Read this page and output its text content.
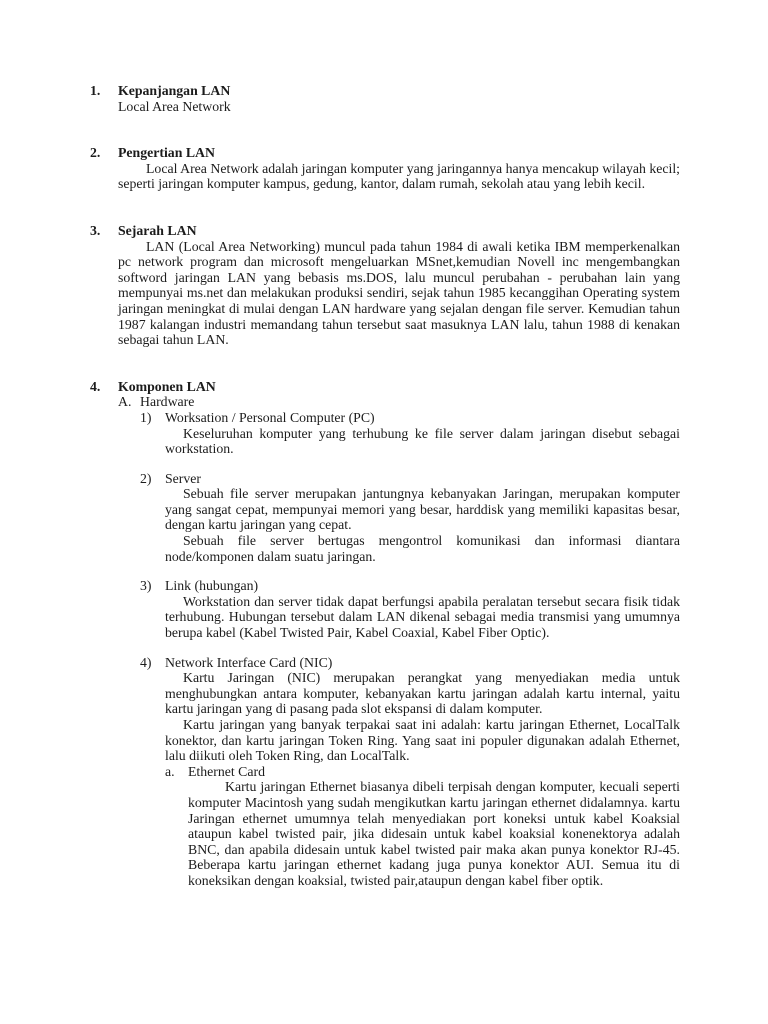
1.	Kepanjangan LAN

Local Area Network

2.	Pengertian LAN

Local Area Network adalah jaringan komputer yang jaringannya hanya mencakup wilayah kecil; seperti jaringan komputer kampus, gedung, kantor, dalam rumah, sekolah atau yang lebih kecil.

3.	Sejarah LAN

LAN (Local Area Networking) muncul pada tahun 1984 di awali ketika IBM memperkenalkan pc network program dan microsoft mengeluarkan MSnet,kemudian Novell inc mengembangkan softword jaringan LAN yang bebasis ms.DOS, lalu muncul perubahan - perubahan lain yang mempunyai ms.net dan melakukan produksi sendiri, sejak tahun 1985 kecanggihan Operating system jaringan meningkat di mulai dengan LAN hardware yang sejalan dengan file server. Kemudian tahun 1987 kalangan industri memandang tahun tersebut saat masuknya LAN lalu, tahun 1988 di kenakan sebagai tahun LAN.

4.	Komponen LAN
A. Hardware
1) Worksation / Personal Computer (PC)

Keseluruhan komputer yang terhubung ke file server dalam jaringan disebut sebagai workstation.

2) Server

Sebuah file server merupakan jantungnya kebanyakan Jaringan, merupakan komputer yang sangat cepat, mempunyai memori yang besar, harddisk yang memiliki kapasitas besar, dengan kartu jaringan yang cepat.

Sebuah file server bertugas mengontrol komunikasi dan informasi diantara node/komponen dalam suatu jaringan.

3) Link (hubungan)

Workstation dan server tidak dapat berfungsi apabila peralatan tersebut secara fisik tidak terhubung. Hubungan tersebut dalam LAN dikenal sebagai media transmisi yang umumnya berupa kabel (Kabel Twisted Pair, Kabel Coaxial, Kabel Fiber Optic).

4) Network Interface Card (NIC)

Kartu Jaringan (NIC) merupakan perangkat yang menyediakan media untuk menghubungkan antara komputer, kebanyakan kartu jaringan adalah kartu internal, yaitu kartu jaringan yang di pasang pada slot ekspansi di dalam komputer.

Kartu jaringan yang banyak terpakai saat ini adalah: kartu jaringan Ethernet, LocalTalk konektor, dan kartu jaringan Token Ring. Yang saat ini populer digunakan adalah Ethernet, lalu diikuti oleh Token Ring, dan LocalTalk.

a. Ethernet Card

Kartu jaringan Ethernet biasanya dibeli terpisah dengan komputer, kecuali seperti komputer Macintosh yang sudah mengikutkan kartu jaringan ethernet didalamnya. kartu Jaringan ethernet umumnya telah menyediakan port koneksi untuk kabel Koaksial ataupun kabel twisted pair, jika didesain untuk kabel koaksial konenektorya adalah BNC, dan apabila didesain untuk kabel twisted pair maka akan punya konektor RJ-45. Beberapa kartu jaringan ethernet kadang juga punya konektor AUI. Semua itu di koneksikan dengan koaksial, twisted pair,ataupun dengan kabel fiber optik.
